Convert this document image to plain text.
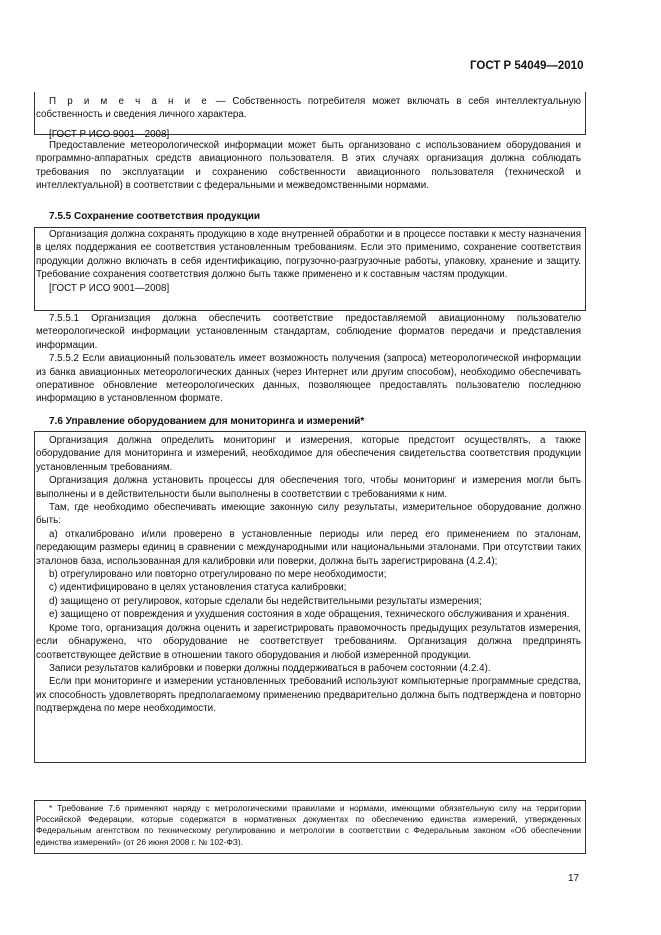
ГОСТ Р 54049—2010

П р и м е ч а н и е — Собственность потребителя может включать в себя интеллектуальную собственность и сведения личного характера.

[ГОСТ Р ИСО 9001—2008]

Предоставление метеорологической информации может быть организовано с использованием оборудования и программно-аппаратных средств авиационного пользователя. В этих случаях организация должна соблюдать требования по эксплуатации и сохранению собственности авиационного пользователя (технической и интеллектуальной) в соответствии с федеральными и межведомственными нормами.

7.5.5 Сохранение соответствия продукции

Организация должна сохранять продукцию в ходе внутренней обработки и в процессе поставки к месту назначения в целях поддержания ее соответствия установленным требованиям. Если это применимо, сохранение соответствия продукции должно включать в себя идентификацию, погрузочно-разгрузочные работы, упаковку, хранение и защиту. Требование сохранения соответствия должно быть также применено и к составным частям продукции.

[ГОСТ Р ИСО 9001—2008]

7.5.5.1 Организация должна обеспечить соответствие предоставляемой авиационному пользователю метеорологической информации установленным стандартам, соблюдение форматов передачи и представления информации.

7.5.5.2 Если авиационный пользователь имеет возможность получения (запроса) метеорологической информации из банка авиационных метеорологических данных (через Интернет или другим способом), необходимо обеспечивать оперативное обновление метеорологических данных, позволяющее предоставлять пользователю последнюю информацию в установленном формате.

7.6 Управление оборудованием для мониторинга и измерений*

Организация должна определить мониторинг и измерения, которые предстоит осуществлять, а также оборудование для мониторинга и измерений, необходимое для обеспечения свидетельства соответствия продукции установленным требованиям.

Организация должна установить процессы для обеспечения того, чтобы мониторинг и измерения могли быть выполнены и в действительности были выполнены в соответствии с требованиями к ним.

Там, где необходимо обеспечивать имеющие законную силу результаты, измерительное оборудование должно быть:

а) откалибровано и/или проверено в установленные периоды или перед его применением по эталонам, передающим размеры единиц в сравнении с международными или национальными эталонами. При отсутствии таких эталонов база, использованная для калибровки или поверки, должна быть зарегистрирована (4.2.4);

b) отрегулировано или повторно отрегулировано по мере необходимости;

c) идентифицировано в целях установления статуса калибровки;

d) защищено от регулировок, которые сделали бы недействительными результаты измерения;

e) защищено от повреждения и ухудшения состояния в ходе обращения, технического обслуживания и хранения.

Кроме того, организация должна оценить и зарегистрировать правомочность предыдущих результатов измерения, если обнаружено, что оборудование не соответствует требованиям. Организация должна предпринять соответствующее действие в отношении такого оборудования и любой измеренной продукции.

Записи результатов калибровки и поверки должны поддерживаться в рабочем состоянии (4.2.4).

Если при мониторинге и измерении установленных требований используют компьютерные программные средства, их способность удовлетворять предполагаемому применению предварительно должна быть подтверждена и повторно подтверждена по мере необходимости.

* Требование 7.6 применяют наряду с метрологическими правилами и нормами, имеющими обязательную силу на территории Российской Федерации, которые содержатся в нормативных документах по обеспечению единства измерений, утвержденных Федеральным агентством по техническому регулированию и метрологии в соответствии с Федеральным законом «Об обеспечении единства измерений» (от 26 июня 2008 г. № 102-ФЗ).

17
